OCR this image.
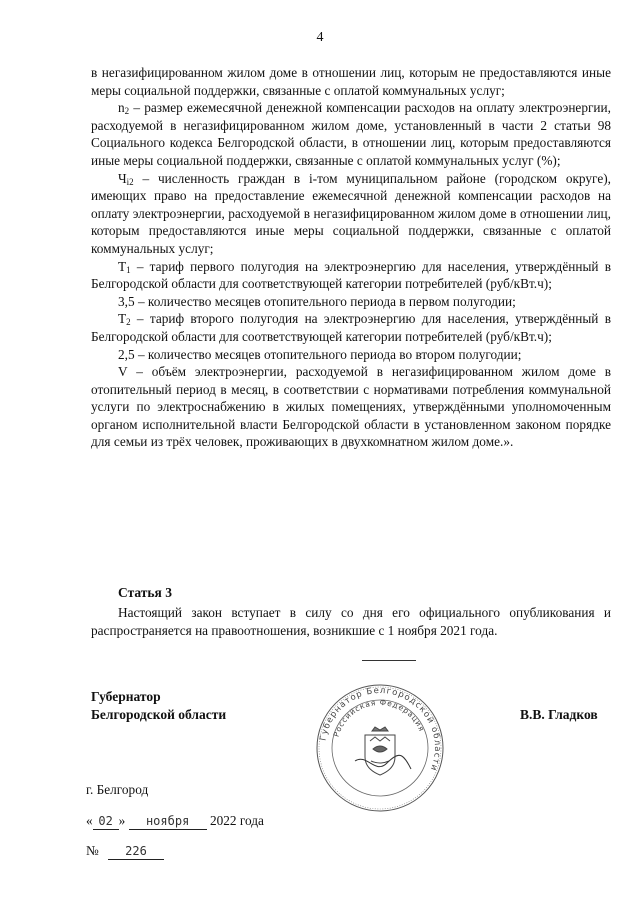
4

в негазифицированном жилом доме в отношении лиц, которым не предоставляются иные меры социальной поддержки, связанные с оплатой коммунальных услуг;

$n_2$ – размер ежемесячной денежной компенсации расходов на оплату электроэнергии, расходуемой в негазифицированном жилом доме, установленный в части 2 статьи 98 Социального кодекса Белгородской области, в отношении лиц, которым предоставляются иные меры социальной поддержки, связанные с оплатой коммунальных услуг (%);

$Ч_{i2}$ – численность граждан в i-том муниципальном районе (городском округе), имеющих право на предоставление ежемесячной денежной компенсации расходов на оплату электроэнергии, расходуемой в негазифицированном жилом доме в отношении лиц, которым предоставляются иные меры социальной поддержки, связанные с оплатой коммунальных услуг;

$Т_1$ – тариф первого полугодия на электроэнергию для населения, утверждённый в Белгородской области для соответствующей категории потребителей (руб/кВт.ч);

3,5 – количество месяцев отопительного периода в первом полугодии;

$Т_2$ – тариф второго полугодия на электроэнергию для населения, утверждённый в Белгородской области для соответствующей категории потребителей (руб/кВт.ч);

2,5 – количество месяцев отопительного периода во втором полугодии;

V – объём электроэнергии, расходуемой в негазифицированном жилом доме в отопительный период в месяц, в соответствии с нормативами потребления коммунальной услуги по электроснабжению в жилых помещениях, утверждёнными уполномоченным органом исполнительной власти Белгородской области в установленном законом порядке для семьи из трёх человек, проживающих в двухкомнатном жилом доме.».

Статья 3

Настоящий закон вступает в силу со дня его официального опубликования и распространяется на правоотношения, возникшие с 1 ноября 2021 года.

Губернатор
Белгородской области
Губернатор Белгородской области
Российская Федерация
В.В. Гладков
г. Белгород
« 02 » ноября 2022 года
№ 226
